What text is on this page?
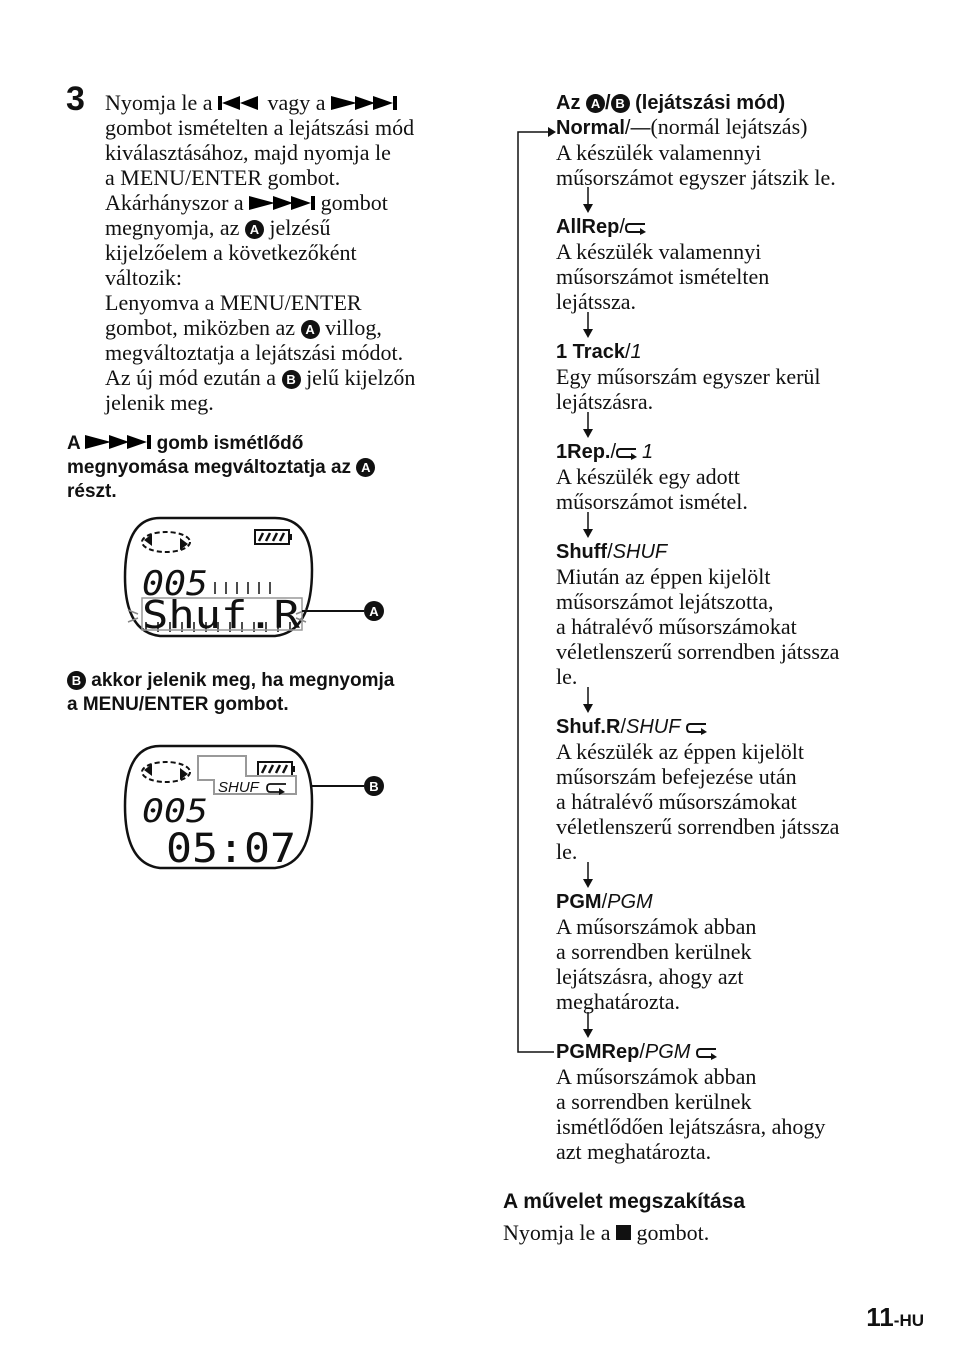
3 Nyomja le a	vagy a
gombot ismételten a lejátszási mód
kiválasztásához, majd nyomja le
a MENU/ENTER gombot.
Akárhányszor a	gombot
megnyomja, az A jelzésű
kijelzőelem a következőként
változik:
Lenyomva a MENU/ENTER
gombot, miközben az A villog,
megváltoztatja a lejátszási módot.
Az új mód ezután a B jelű kijelzőn
jelenik meg.
A	gomb ismétlődő
megnyomása megváltoztatja az A
részt.
005
Shuf.R	A
B akkor jelenik meg, ha megnyomja
a MENU/ENTER gombot.
SHUF
005
05:07
B
Az A / B (lejátszási mód)
Normal/—(normál lejátszás)
A készülék valamennyi
műsorszámot egyszer játszik le.
AllRep/
A készülék valamennyi
műsorszámot ismételten
lejátssza.
1 Track/1
Egy műsorszám egyszer kerül
lejátszásra.
1Rep./ 1
A készülék egy adott
műsorszámot ismétel.
Shuff/SHUF
Miután az éppen kijelölt
műsorszámot lejátszotta,
a hátralévő műsorszámokat
véletlenszerű sorrendben játssza
le.
Shuf.R/SHUF
A készülék az éppen kijelölt
műsorszám befejezése után
a hátralévő műsorszámokat
véletlenszerű sorrendben játssza
le.
PGM/PGM
A műsorszámok abban
a sorrendben kerülnek
lejátszásra, ahogy azt
meghatározta.
PGMRep/PGM
A műsorszámok abban
a sorrendben kerülnek
ismétlődően lejátszásra, ahogy
azt meghatározta.
A művelet megszakítása
Nyomja le a gombot.
11-HU
